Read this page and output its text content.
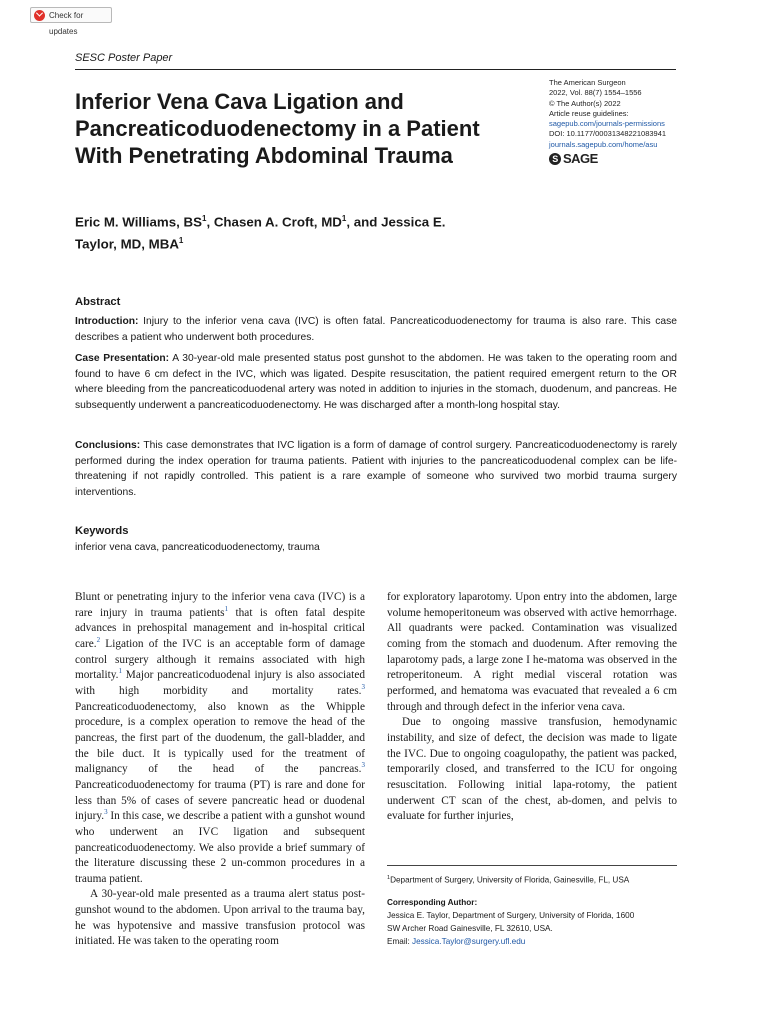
Check for updates
SESC Poster Paper
Inferior Vena Cava Ligation and Pancreaticoduodenectomy in a Patient With Penetrating Abdominal Trauma
The American Surgeon
2022, Vol. 88(7) 1554–1556
© The Author(s) 2022
Article reuse guidelines:
sagepub.com/journals-permissions
DOI: 10.1177/00031348221083941
journals.sagepub.com/home/asu
S SAGE
Eric M. Williams, $BS^1$, Chasen A. Croft, $MD^1$, and Jessica E.
Taylor, MD, MBA$^1$
Abstract

Introduction: Injury to the inferior vena cava (IVC) is often fatal. Pancreaticoduodenectomy for trauma is also rare. This case describes a patient who underwent both procedures.

Case Presentation: A 30-year-old male presented status post gunshot to the abdomen. He was taken to the operating room and found to have 6 cm defect in the IVC, which was ligated. Despite resuscitation, the patient required emergent return to the OR where bleeding from the pancreaticoduodenal artery was noted in addition to injuries in the stomach, duodenum, and pancreas. He subsequently underwent a pancreaticoduodenectomy. He was discharged after a month-long hospital stay.

Conclusions: This case demonstrates that IVC ligation is a form of damage of control surgery. Pancreaticoduodenectomy is rarely performed during the index operation for trauma patients. Patient with injuries to the pancreaticoduodenal complex can be life-threatening if not rapidly controlled. This patient is a rare example of someone who survived two morbid trauma surgery interventions.

Keywords
inferior vena cava, pancreaticoduodenectomy, trauma

Blunt or penetrating injury to the inferior vena cava (IVC) is a rare injury in trauma patients$^1$ that is often fatal despite advances in prehospital management and in-hospital critical care.$^2$ Ligation of the IVC is an acceptable form of damage control surgery although it remains associated with high mortality.$^1$ Major pancreaticoduodenal injury is also associated with high morbidity and mortality rates.$^3$ Pancreaticoduodenectomy, also known as the Whipple procedure, is a complex operation to remove the head of the pancreas, the first part of the duodenum, the gall-bladder, and the bile duct. It is typically used for the treatment of malignancy of the head of the pancreas.$^3$ Pancreaticoduodenectomy for trauma (PT) is rare and done for less than 5% of cases of severe pancreatic head or duodenal injury.$^3$ In this case, we describe a patient with a gunshot wound who underwent an IVC ligation and subsequent pancreaticoduodenectomy. We also provide a brief summary of the literature discussing these 2 un-common procedures in a trauma patient.

A 30-year-old male presented as a trauma alert status post-gunshot wound to the abdomen. Upon arrival to the trauma bay, he was hypotensive and massive transfusion protocol was initiated. He was taken to the operating room

for exploratory laparotomy. Upon entry into the abdomen, large volume hemoperitoneum was observed with active hemorrhage. All quadrants were packed. Contamination was visualized coming from the stomach and duodenum. After removing the laparotomy pads, a large zone I he-matoma was observed in the retroperitoneum. A right medial visceral rotation was performed, and hematoma was evacuated that revealed a 6 cm through and through defect in the inferior vena cava.

Due to ongoing massive transfusion, hemodynamic instability, and size of defect, the decision was made to ligate the IVC. Due to ongoing coagulopathy, the patient was packed, temporarily closed, and transferred to the ICU for ongoing resuscitation. Following initial lapa-rotomy, the patient underwent CT scan of the chest, ab-domen, and pelvis to evaluate for further injuries,

$^1$Department of Surgery, University of Florida, Gainesville, FL, USA
Corresponding Author:
Jessica E. Taylor, Department of Surgery, University of Florida, 1600
SW Archer Road Gainesville, FL 32610, USA.
Email: Jessica.Taylor@surgery.ufl.edu
